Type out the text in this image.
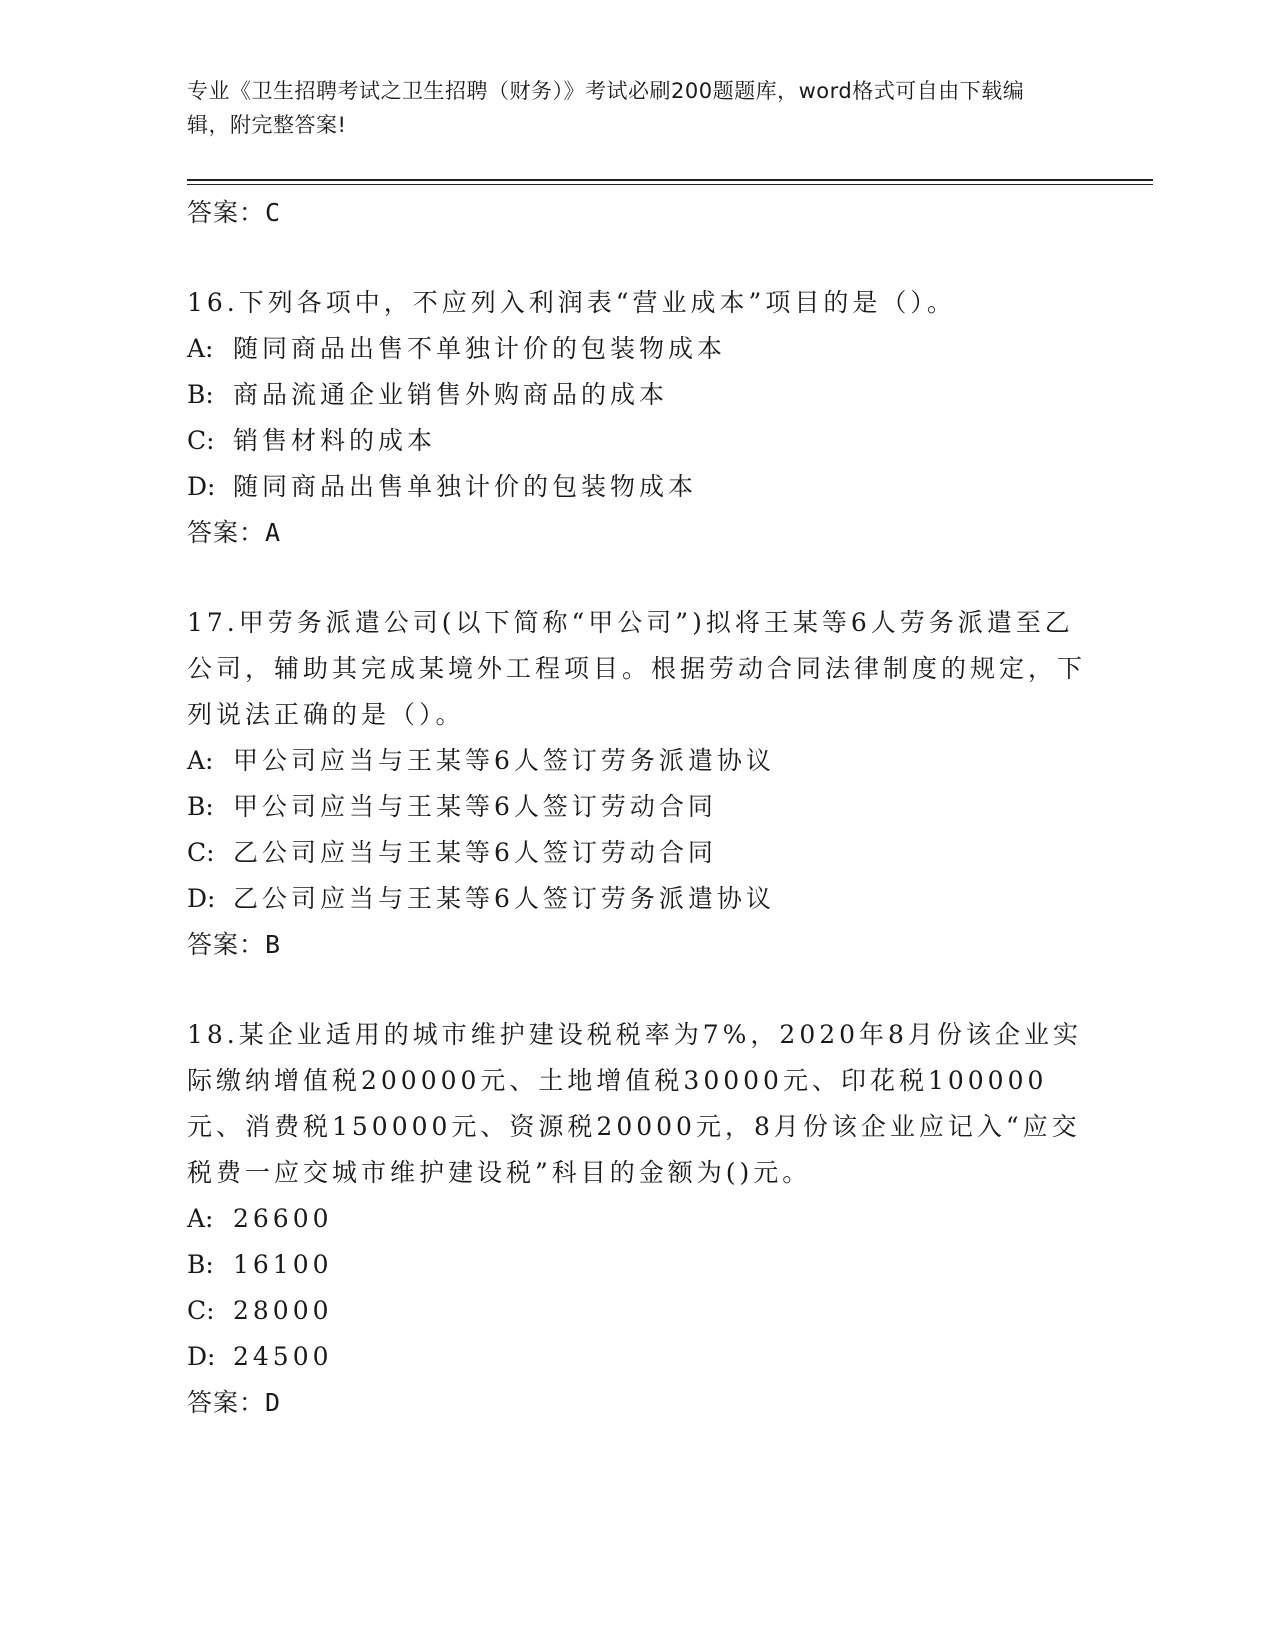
专业《卫生招聘考试之卫生招聘（财务）》考试必刷200题题库，word格式可自由下载编辑，附完整答案!

答案：C

16.下列各项中，不应列入利润表“营业成本”项目的是（）。

A: 随同商品出售不单独计价的包装物成本

B: 商品流通企业销售外购商品的成本

C: 销售材料的成本

D: 随同商品出售单独计价的包装物成本

答案：A

17.甲劳务派遣公司(以下简称“甲公司”)拟将王某等6人劳务派遣至乙公司，辅助其完成某境外工程项目。根据劳动合同法律制度的规定，下列说法正确的是（）。

A: 甲公司应当与王某等6人签订劳务派遣协议

B: 甲公司应当与王某等6人签订劳动合同

C: 乙公司应当与王某等6人签订劳动合同

D: 乙公司应当与王某等6人签订劳务派遣协议

答案：B

18.某企业适用的城市维护建设税税率为7%，2020年8月份该企业实际缴纳增值税200000元、土地增值税30000元、印花税100000元、消费税150000元、资源税20000元，8月份该企业应记入“应交税费一应交城市维护建设税”科目的金额为()元。

A: 26600

B: 16100

C: 28000

D: 24500

答案：D
